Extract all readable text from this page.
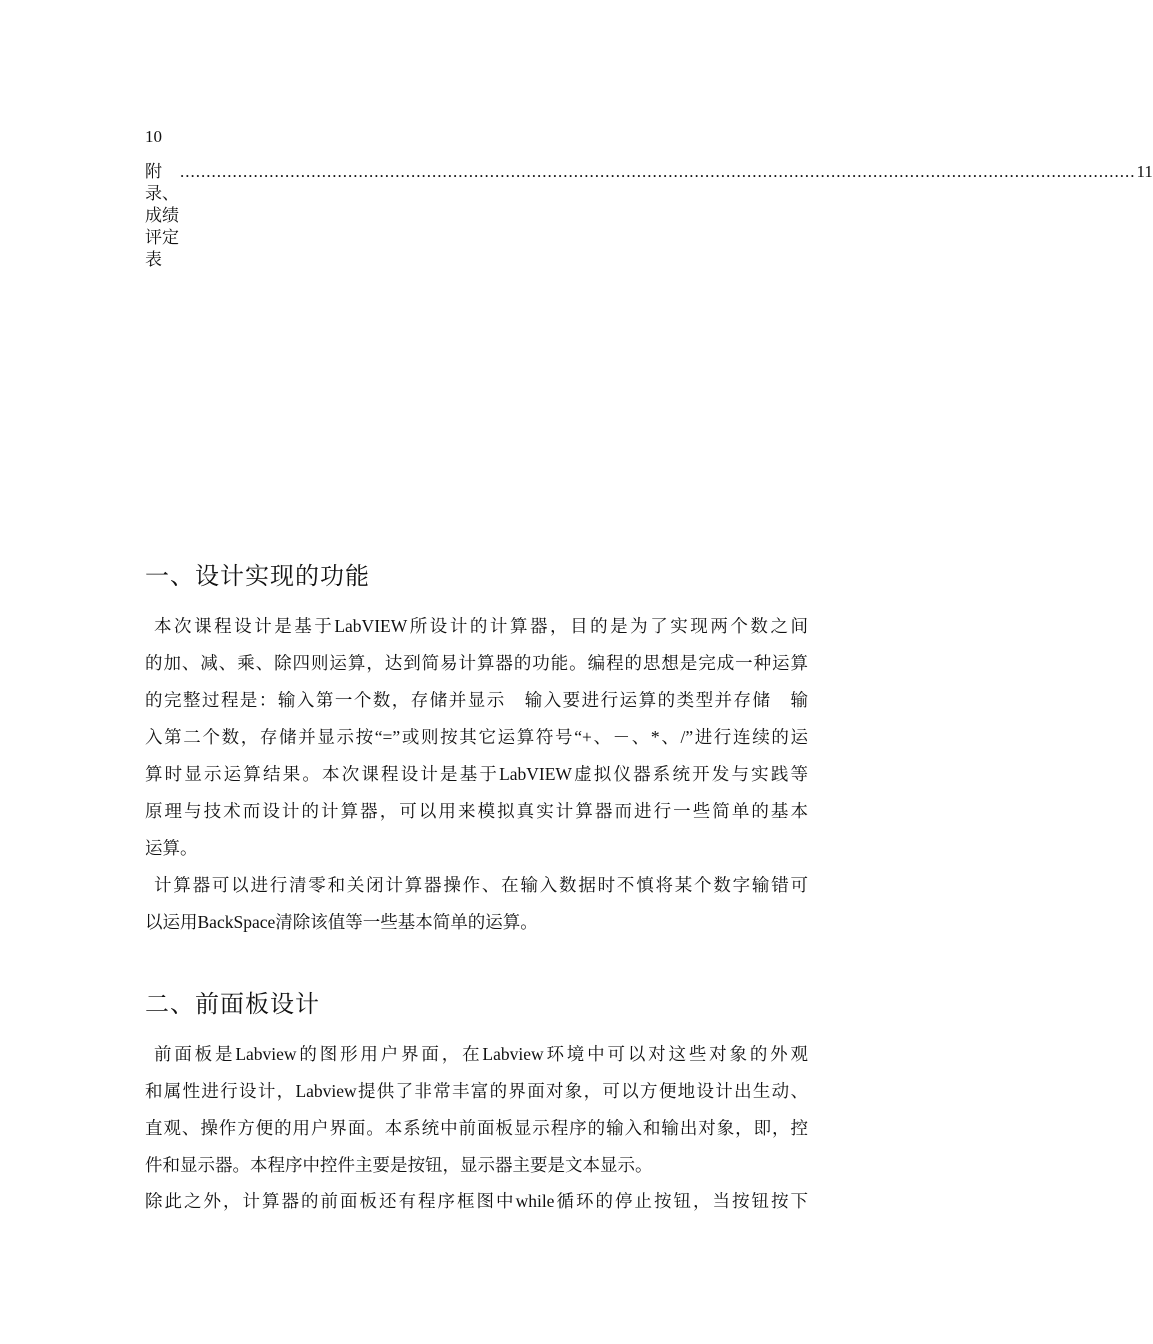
10
附录、成绩评定表
...................................................................................................................................................................................... 11
一、设计实现的功能
本次课程设计是基于LabVIEW所设计的计算器，目的是为了实现两个数之间
的加、减、乘、除四则运算，达到简易计算器的功能。编程的思想是完成一种运算
的完整过程是：输入第一个数，存储并显示　输入要进行运算的类型并存储　输
入第二个数，存储并显示按“=”或则按其它运算符号“+、－、*、/”进行连续的运
算时显示运算结果。本次课程设计是基于LabVIEW虚拟仪器系统开发与实践等
原理与技术而设计的计算器，可以用来模拟真实计算器而进行一些简单的基本
运算。
计算器可以进行清零和关闭计算器操作、在输入数据时不慎将某个数字输错可
以运用BackSpace清除该值等一些基本简单的运算。
二、前面板设计
前面板是Labview的图形用户界面，在Labview环境中可以对这些对象的外观
和属性进行设计，Labview提供了非常丰富的界面对象，可以方便地设计出生动、
直观、操作方便的用户界面。本系统中前面板显示程序的输入和输出对象，即，控
件和显示器。本程序中控件主要是按钮，显示器主要是文本显示。
除此之外，计算器的前面板还有程序框图中while循环的停止按钮，当按钮按下
